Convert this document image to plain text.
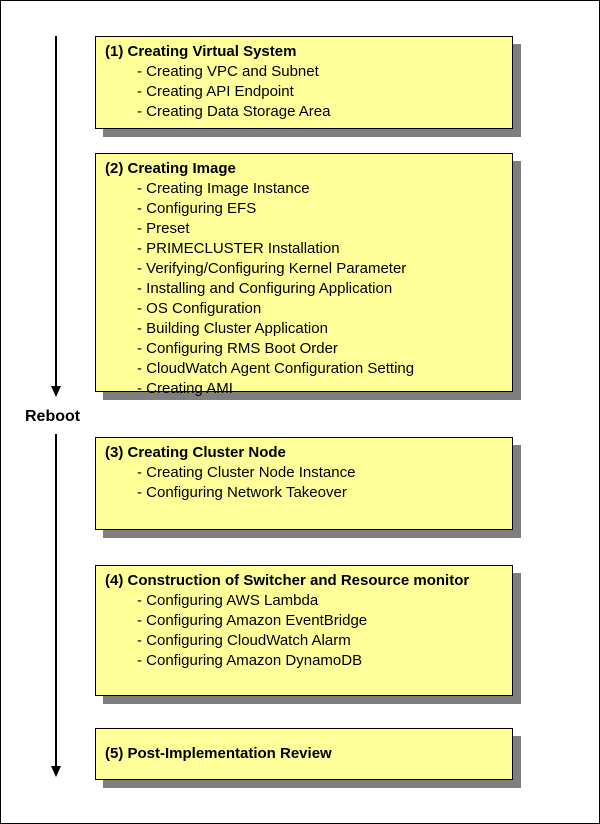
Reboot
(1) Creating Virtual System
- Creating VPC and Subnet
- Creating API Endpoint
- Creating Data Storage Area
(2) Creating Image
- Creating Image Instance
- Configuring EFS
- Preset
- PRIMECLUSTER Installation
- Verifying/Configuring Kernel Parameter
- Installing and Configuring Application
- OS Configuration
- Building Cluster Application
- Configuring RMS Boot Order
- CloudWatch Agent Configuration Setting
- Creating AMI
(3) Creating Cluster Node
- Creating Cluster Node Instance
- Configuring Network Takeover
(4) Construction of Switcher and Resource monitor
- Configuring AWS Lambda
- Configuring Amazon EventBridge
- Configuring CloudWatch Alarm
- Configuring Amazon DynamoDB
(5) Post-Implementation Review
